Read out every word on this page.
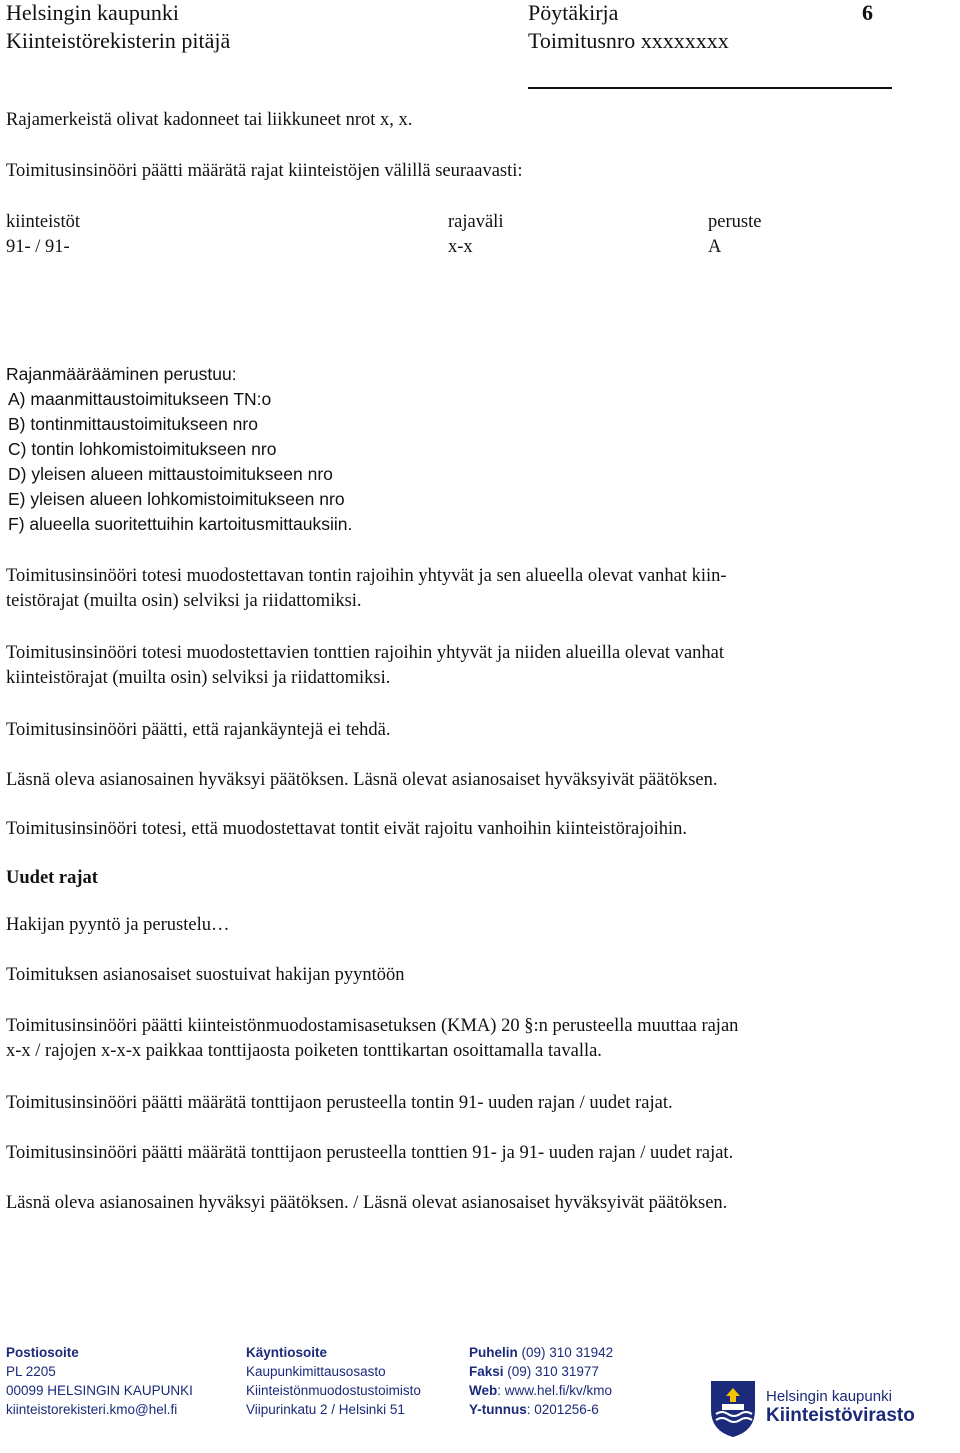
Helsingin kaupunki
Kiinteistörekisterin pitäjä
Pöytäkirja
Toimitusnro xxxxxxxx
6
Rajamerkeistä olivat kadonneet tai liikkuneet nrot x, x.
Toimitusinsinööri päätti määrätä rajat kiinteistöjen välillä seuraavasti:
kiinteistöt	rajaväli	peruste
91- / 91-	x-x	A
Rajanmäärääminen perustuu:
A) maanmittaustoimitukseen TN:o
B) tontinmittaustoimitukseen nro
C) tontin lohkomistoimitukseen nro
D) yleisen alueen mittaustoimitukseen nro
E) yleisen alueen lohkomistoimitukseen nro
F) alueella suoritettuihin kartoitusmittauksiin.
Toimitusinsinööri totesi muodostettavan tontin rajoihin yhtyvät ja sen alueella olevat vanhat kiin-
teistörajat (muilta osin) selviksi ja riidattomiksi.
Toimitusinsinööri totesi muodostettavien tonttien rajoihin yhtyvät ja niiden alueilla olevat vanhat
kiinteistörajat (muilta osin) selviksi ja riidattomiksi.
Toimitusinsinööri päätti, että rajankäyntejä ei tehdä.
Läsnä oleva asianosainen hyväksyi päätöksen. Läsnä olevat asianosaiset hyväksyivät päätöksen.
Toimitusinsinööri totesi, että muodostettavat tontit eivät rajoitu vanhoihin kiinteistörajoihin.
Uudet rajat
Hakijan pyyntö ja perustelu…
Toimituksen asianosaiset suostuivat hakijan pyyntöön
Toimitusinsinööri päätti kiinteistönmuodostamisasetuksen (KMA) 20 §:n perusteella muuttaa rajan
x-x / rajojen x-x-x paikkaa tonttijaosta poiketen tonttikartan osoittamalla tavalla.
Toimitusinsinööri päätti määrätä tonttijaon perusteella tontin 91- uuden rajan / uudet rajat.
Toimitusinsinööri päätti määrätä tonttijaon perusteella tonttien 91- ja 91- uuden rajan / uudet rajat.
Läsnä oleva asianosainen hyväksyi päätöksen. / Läsnä olevat asianosaiset hyväksyivät päätöksen.
Postiosoite
PL 2205
00099 HELSINGIN KAUPUNKI
kiinteistorekisteri.kmo@hel.fi
Käyntiosoite
Kaupunkimittausosasto
Kiinteistönmuodostustoimisto
Viipurinkatu 2 / Helsinki 51
Puhelin (09) 310 31942
Faksi (09) 310 31977
Web: www.hel.fi/kv/kmo
Y-tunnus: 0201256-6
Helsingin kaupunki
Kiinteistövirasto
